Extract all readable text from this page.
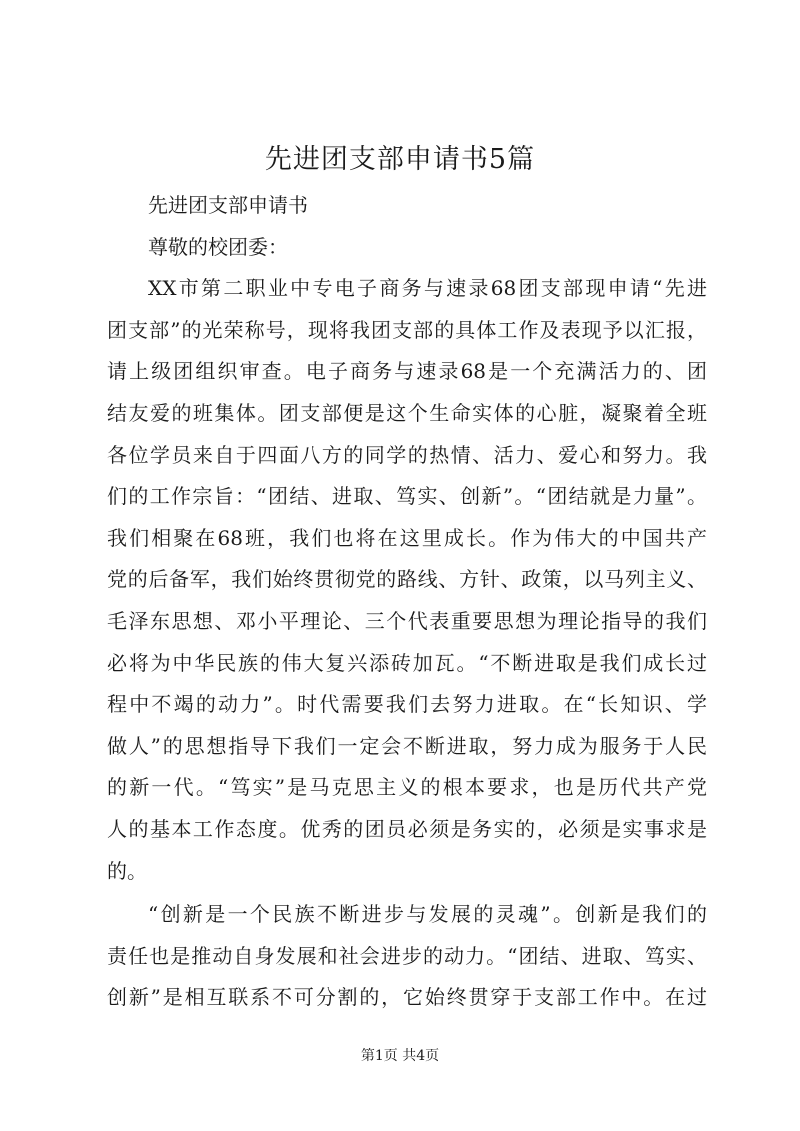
先进团支部申请书5篇
先进团支部申请书
尊敬的校团委：
XX市第二职业中专电子商务与速录68团支部现申请“先进
团支部”的光荣称号，现将我团支部的具体工作及表现予以汇报，
请上级团组织审查。电子商务与速录68是一个充满活力的、团
结友爱的班集体。团支部便是这个生命实体的心脏，凝聚着全班
各位学员来自于四面八方的同学的热情、活力、爱心和努力。我
们的工作宗旨：“团结、进取、笃实、创新”。“团结就是力量”。
我们相聚在68班，我们也将在这里成长。作为伟大的中国共产
党的后备军，我们始终贯彻党的路线、方针、政策，以马列主义、
毛泽东思想、邓小平理论、三个代表重要思想为理论指导的我们
必将为中华民族的伟大复兴添砖加瓦。“不断进取是我们成长过
程中不竭的动力”。时代需要我们去努力进取。在“长知识、学
做人”的思想指导下我们一定会不断进取，努力成为服务于人民
的新一代。“笃实”是马克思主义的根本要求，也是历代共产党
人的基本工作态度。优秀的团员必须是务实的，必须是实事求是
的。
“创新是一个民族不断进步与发展的灵魂”。创新是我们的
责任也是推动自身发展和社会进步的动力。“团结、进取、笃实、
创新”是相互联系不可分割的，它始终贯穿于支部工作中。在过
第1页 共4页
